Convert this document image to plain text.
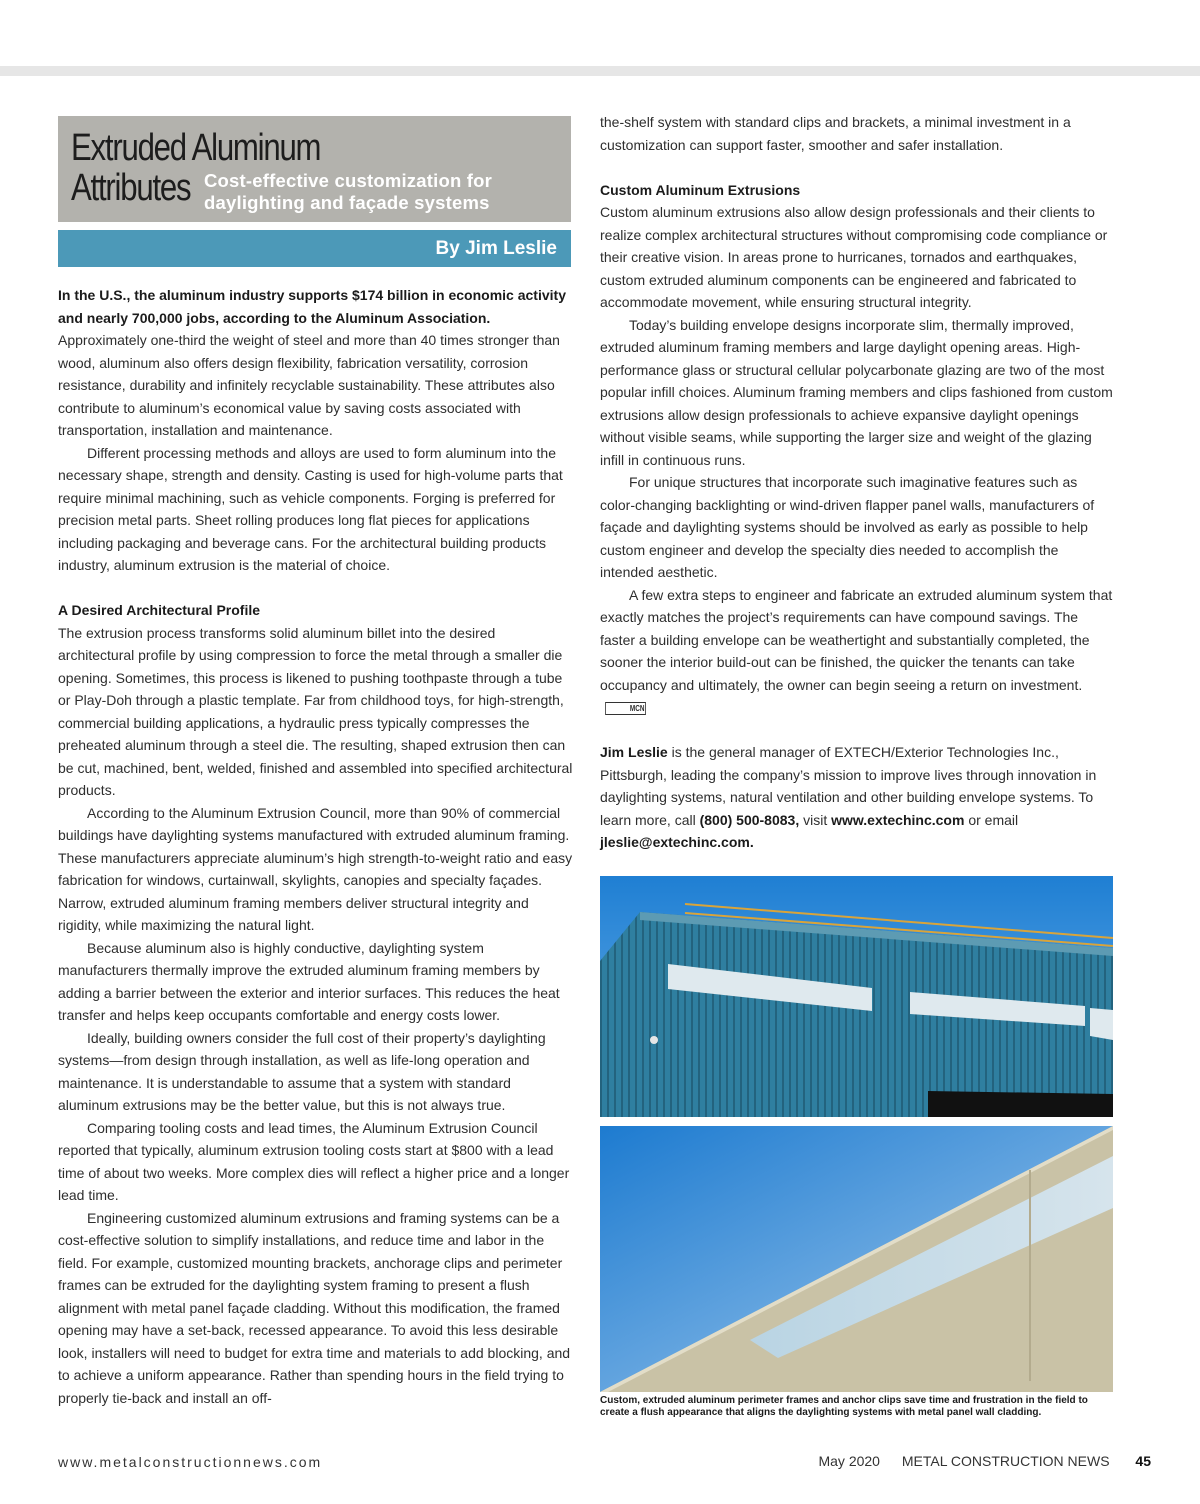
Extruded Aluminum
Attributes Cost-effective customization for
daylighting and façade systems
By Jim Leslie

In the U.S., the aluminum industry supports $174 billion in economic activity and nearly 700,000 jobs, according to the Aluminum Association. Approximately one-third the weight of steel and more than 40 times stronger than wood, aluminum also offers design flexibility, fabrication versatility, corrosion resistance, durability and infinitely recyclable sustainability. These attributes also contribute to aluminum’s economical value by saving costs associated with transportation, installation and maintenance.

Different processing methods and alloys are used to form aluminum into the necessary shape, strength and density. Casting is used for high-volume parts that require minimal machining, such as vehicle components. Forging is preferred for precision metal parts. Sheet rolling produces long flat pieces for applications including packaging and beverage cans. For the architectural building products industry, aluminum extrusion is the material of choice.

A Desired Architectural Profile

The extrusion process transforms solid aluminum billet into the desired architectural profile by using compression to force the metal through a smaller die opening. Sometimes, this process is likened to pushing toothpaste through a tube or Play-Doh through a plastic template. Far from childhood toys, for high-strength, commercial building applications, a hydraulic press typically compresses the preheated aluminum through a steel die. The resulting, shaped extrusion then can be cut, machined, bent, welded, finished and assembled into specified architectural products.

According to the Aluminum Extrusion Council, more than 90% of commercial buildings have daylighting systems manufactured with extruded aluminum framing. These manufacturers appreciate aluminum’s high strength-to-weight ratio and easy fabrication for windows, curtainwall, skylights, canopies and specialty façades. Narrow, extruded aluminum framing members deliver structural integrity and rigidity, while maximizing the natural light.

Because aluminum also is highly conductive, daylighting system manufacturers thermally improve the extruded aluminum framing members by adding a barrier between the exterior and interior surfaces. This reduces the heat transfer and helps keep occupants comfortable and energy costs lower.

Ideally, building owners consider the full cost of their property’s daylighting systems—from design through installation, as well as life-long operation and maintenance. It is understandable to assume that a system with standard aluminum extrusions may be the better value, but this is not always true.

Comparing tooling costs and lead times, the Aluminum Extrusion Council reported that typically, aluminum extrusion tooling costs start at $800 with a lead time of about two weeks. More complex dies will reflect a higher price and a longer lead time.

Engineering customized aluminum extrusions and framing systems can be a cost-effective solution to simplify installations, and reduce time and labor in the field. For example, customized mounting brackets, anchorage clips and perimeter frames can be extruded for the daylighting system framing to present a flush alignment with metal panel façade cladding. Without this modification, the framed opening may have a set-back, recessed appearance. To avoid this less desirable look, installers will need to budget for extra time and materials to add blocking, and to achieve a uniform appearance. Rather than spending hours in the field trying to properly tie-back and install an off-

the-shelf system with standard clips and brackets, a minimal investment in a customization can support faster, smoother and safer installation.

Custom Aluminum Extrusions

Custom aluminum extrusions also allow design professionals and their clients to realize complex architectural structures without compromising code compliance or their creative vision. In areas prone to hurricanes, tornados and earthquakes, custom extruded aluminum components can be engineered and fabricated to accommodate movement, while ensuring structural integrity.

Today’s building envelope designs incorporate slim, thermally improved, extruded aluminum framing members and large daylight opening areas. High-performance glass or structural cellular polycarbonate glazing are two of the most popular infill choices. Aluminum framing members and clips fashioned from custom extrusions allow design professionals to achieve expansive daylight openings without visible seams, while supporting the larger size and weight of the glazing infill in continuous runs.

For unique structures that incorporate such imaginative features such as color-changing backlighting or wind-driven flapper panel walls, manufacturers of façade and daylighting systems should be involved as early as possible to help custom engineer and develop the specialty dies needed to accomplish the intended aesthetic.

A few extra steps to engineer and fabricate an extruded aluminum system that exactly matches the project’s requirements can have compound savings. The faster a building envelope can be weathertight and substantially completed, the sooner the interior build-out can be finished, the quicker the tenants can take occupancy and ultimately, the owner can begin seeing a return on investment. MCN

Jim Leslie is the general manager of EXTECH/Exterior Technologies Inc., Pittsburgh, leading the company’s mission to improve lives through innovation in daylighting systems, natural ventilation and other building envelope systems. To learn more, call (800) 500-8083, visit www.extechinc.com or email jleslie@extechinc.com.

Custom, extruded aluminum perimeter frames and anchor clips save time and frustration in the field to create a flush appearance that aligns the daylighting systems with metal panel wall cladding.
www.metalconstructionnews.com	May 2020 METAL CONSTRUCTION NEWS 45
